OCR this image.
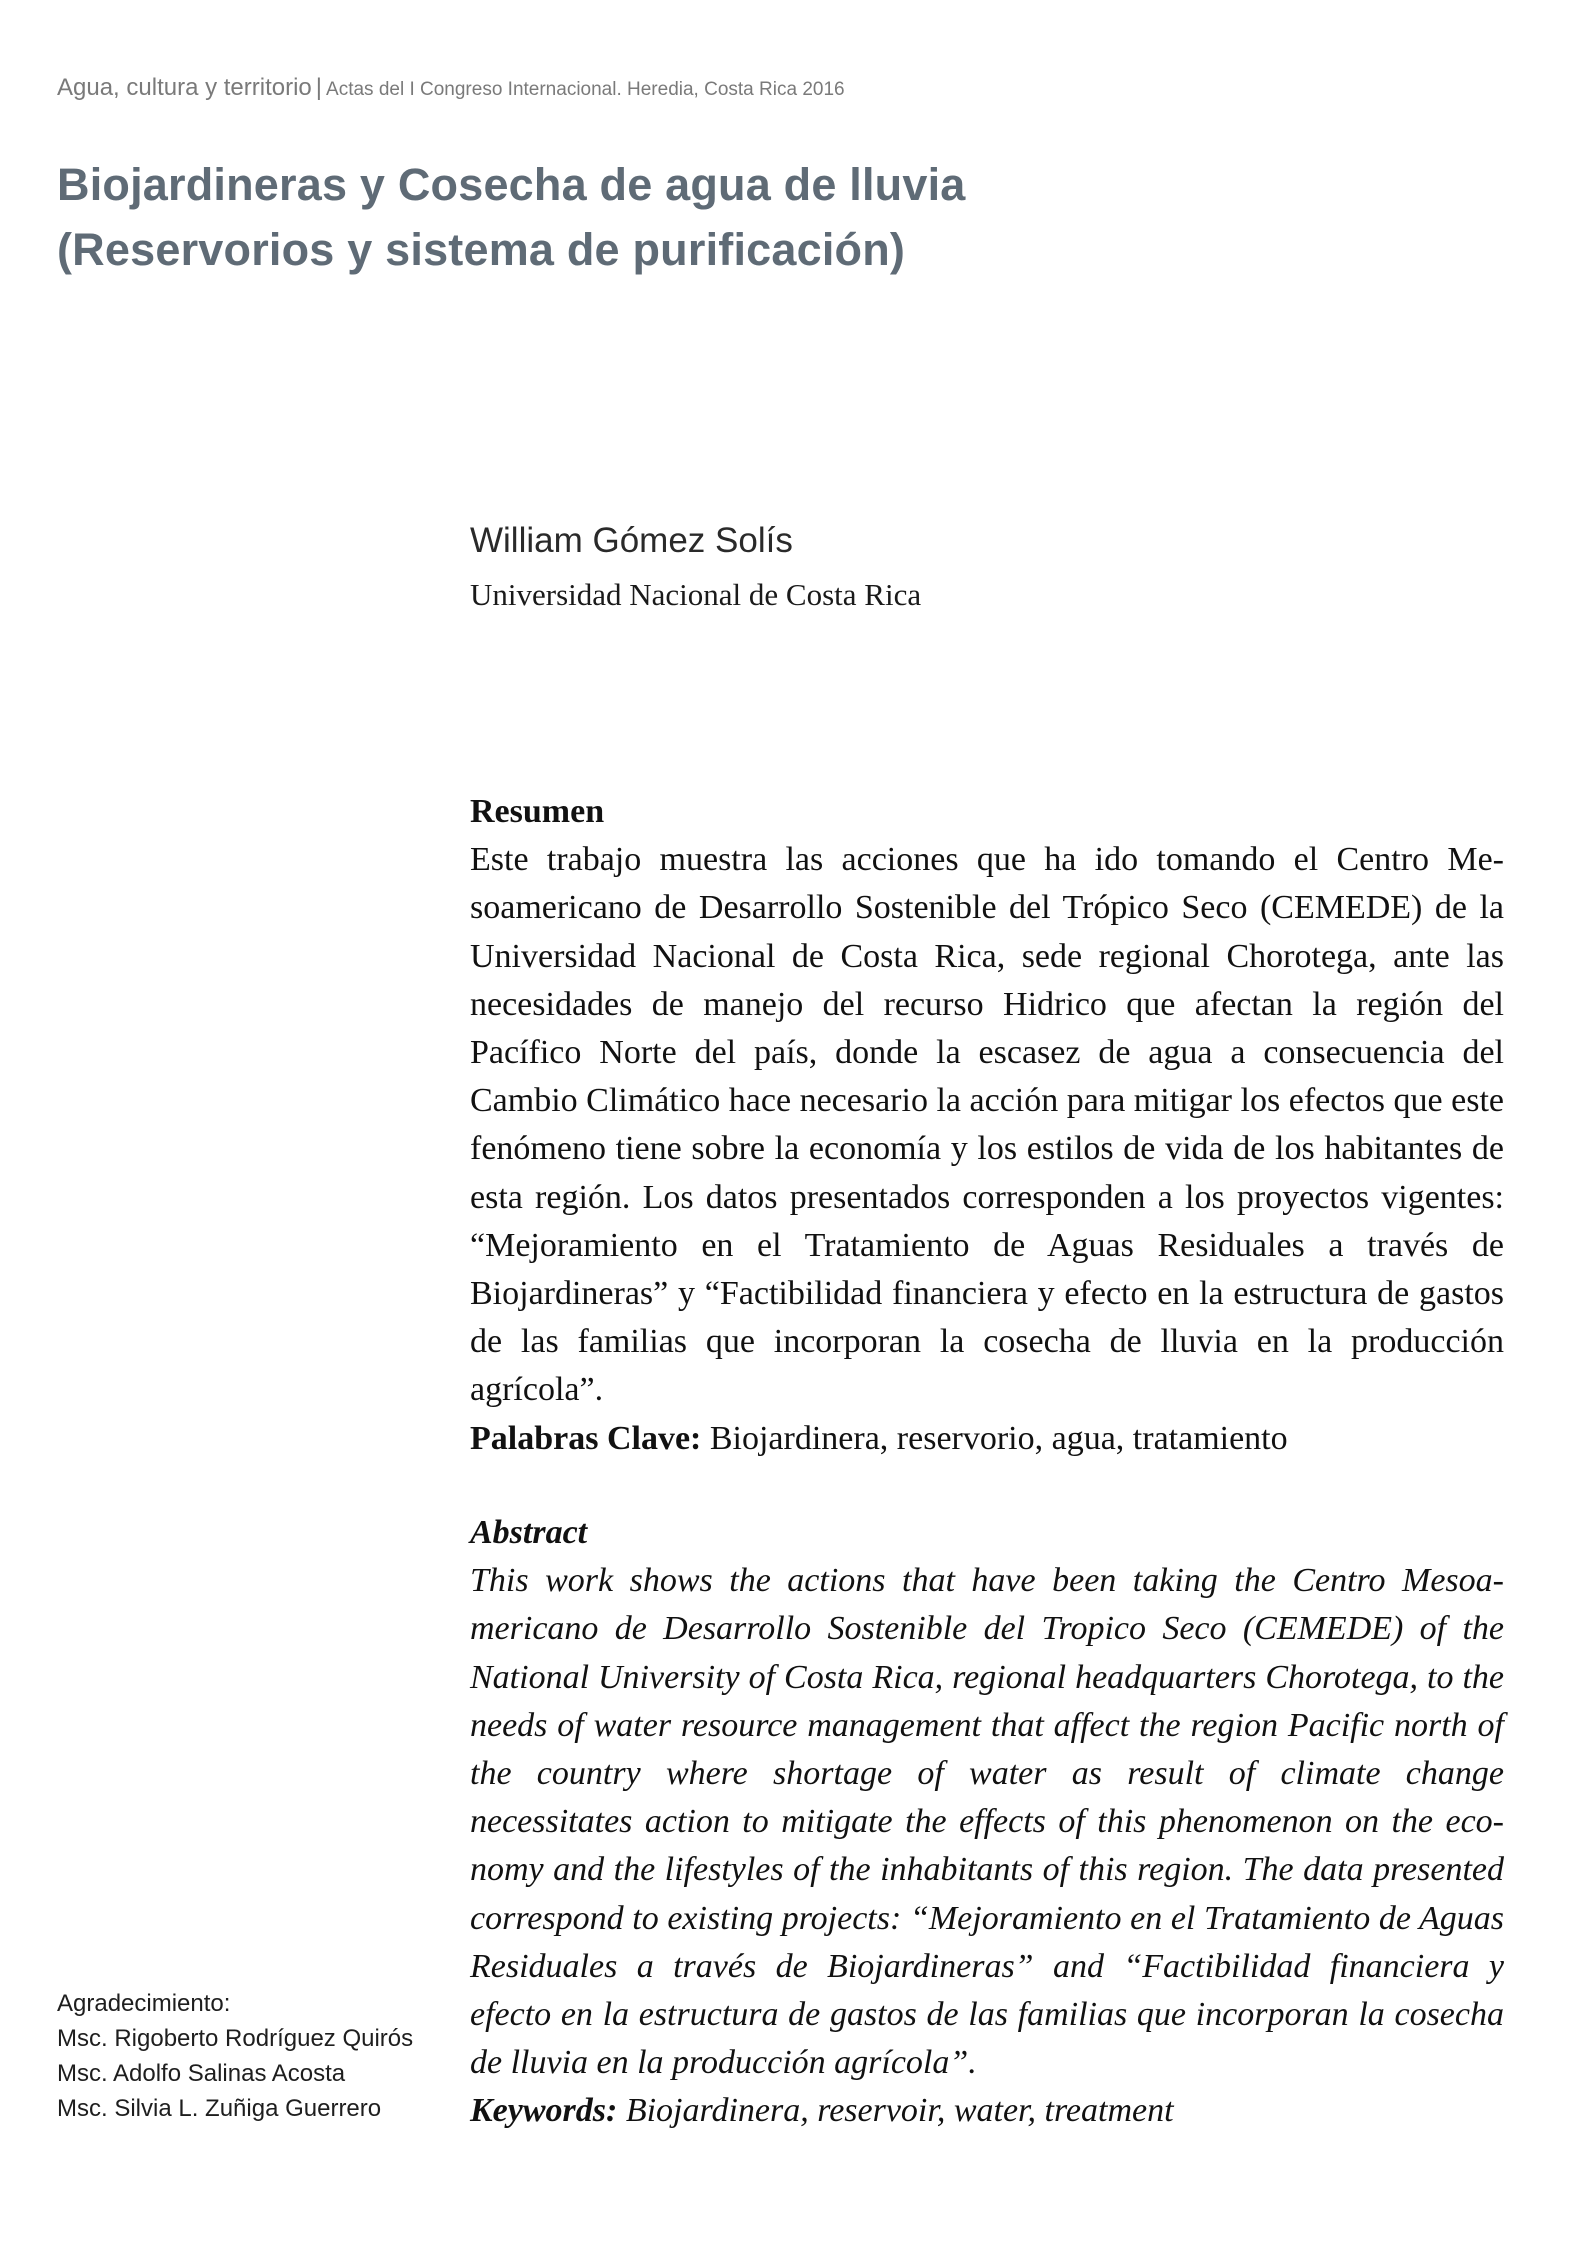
Agua, cultura y territorio | Actas del I Congreso Internacional. Heredia, Costa Rica 2016
Biojardineras y Cosecha de agua de lluvia
(Reservorios y sistema de purificación)
William Gómez Solís
Universidad Nacional de Costa Rica

Resumen

Este trabajo muestra las acciones que ha ido tomando el Centro Mesoamericano de Desarrollo Sostenible del Trópico Seco (CEMEDE) de la Universidad Nacional de Costa Rica, sede regional Chorotega, ante las necesidades de manejo del recurso Hidrico que afectan la región del Pacífico Norte del país, donde la escasez de agua a consecuencia del Cambio Climático hace necesario la acción para mitigar los efectos que este fenómeno tiene sobre la economía y los estilos de vida de los habitantes de esta región. Los datos presentados corresponden a los proyectos vigentes: “Mejoramiento en el Tratamiento de Aguas Residuales a través de Biojardineras” y “Factibilidad financiera y efecto en la estructura de gastos de las familias que incorporan la cosecha de lluvia en la producción agrícola”.

Palabras Clave: Biojardinera, reservorio, agua, tratamiento

Abstract

This work shows the actions that have been taking the Centro Mesoamericano de Desarrollo Sostenible del Tropico Seco (CEMEDE) of the National University of Costa Rica, regional headquarters Chorotega, to the needs of water resource management that affect the region Pacific north of the country where shortage of water as result of climate change necessitates action to mitigate the effects of this phenomenon on the economy and the lifestyles of the inhabitants of this region. The data presented correspond to existing projects: “Mejoramiento en el Tratamiento de Aguas Residuales a través de Biojardineras” and “Factibilidad financiera y efecto en la estructura de gastos de las familias que incorporan la cosecha de lluvia en la producción agrícola”.

Keywords: Biojardinera, reservoir, water, treatment

Agradecimiento:
Msc. Rigoberto Rodríguez Quirós
Msc. Adolfo Salinas Acosta
Msc. Silvia L. Zuñiga Guerrero
